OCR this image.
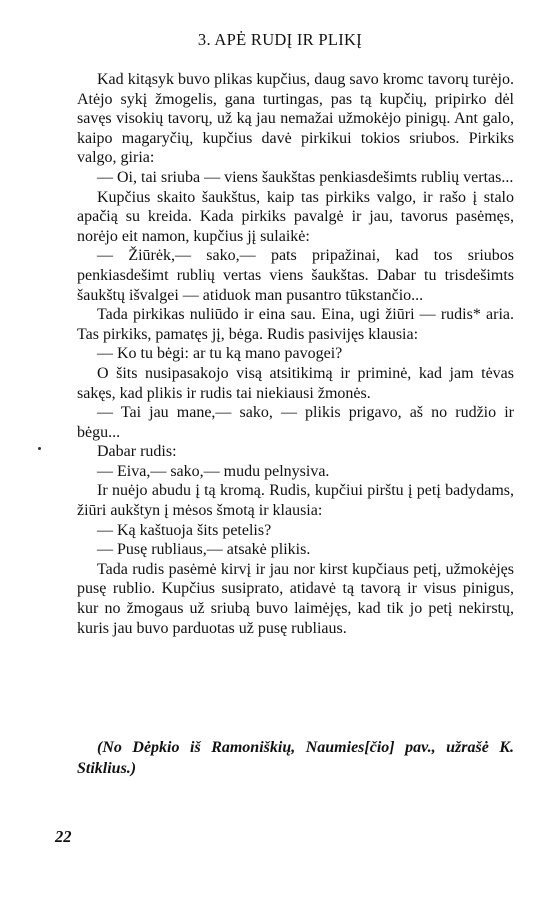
3. APĖ RUDĮ IR PLIKĮ

Kad kitąsyk buvo plikas kupčius, daug savo kromc tavorų turėjo. Atėjo sykį žmogelis, gana turtingas, pas tą kupčių, pripirko dėl savęs visokių tavorų, už ką jau nemažai užmokėjo pinigų. Ant galo, kaipo magaryčių, kupčius davė pirkikui tokios sriubos. Pirkiks valgo, giria:

— Oi, tai sriuba — viens šaukštas penkiasdešimts rublių vertas...

Kupčius skaito šaukštus, kaip tas pirkiks valgo, ir rašo į stalo apačią su kreida. Kada pirkiks pavalgė ir jau, tavorus pasėmęs, norėjo eit namon, kupčius jį sulaikė:

— Žiūrėk,— sako,— pats pripažinai, kad tos sriubos penkiasdešimt rublių vertas viens šaukštas. Dabar tu trisdešimts šaukštų išvalgei — atiduok man pusantro tūkstančio...

Tada pirkikas nuliūdo ir eina sau. Eina, ugi žiūri — rudis* aria. Tas pirkiks, pamatęs jį, bėga. Rudis pasivijęs klausia:

— Ko tu bėgi: ar tu ką mano pavogei?

O šits nusipasakojo visą atsitikimą ir priminė, kad jam tėvas sakęs, kad plikis ir rudis tai niekiausi žmonės.

— Tai jau mane,— sako, — plikis prigavo, aš no rudžio ir bėgu...

Dabar rudis:

— Eiva,— sako,— mudu pelnysiva.

Ir nuėjo abudu į tą kromą. Rudis, kupčiui pirštu į petį badydams, žiūri aukštyn į mėsos šmotą ir klausia:

— Ką kaštuoja šits petelis?

— Pusę rubliaus,— atsakė plikis.

Tada rudis pasėmė kirvį ir jau nor kirst kupčiaus petį, užmokėjęs pusę rublio. Kupčius susiprato, atidavė tą tavorą ir visus pinigus, kur no žmogaus už sriubą buvo laimėjęs, kad tik jo petį nekirstų, kuris jau buvo parduotas už pusę rubliaus.

(No Dėpkio iš Ramoniškių, Naumies[čio] pav., užrašė K. Stiklius.)

22
